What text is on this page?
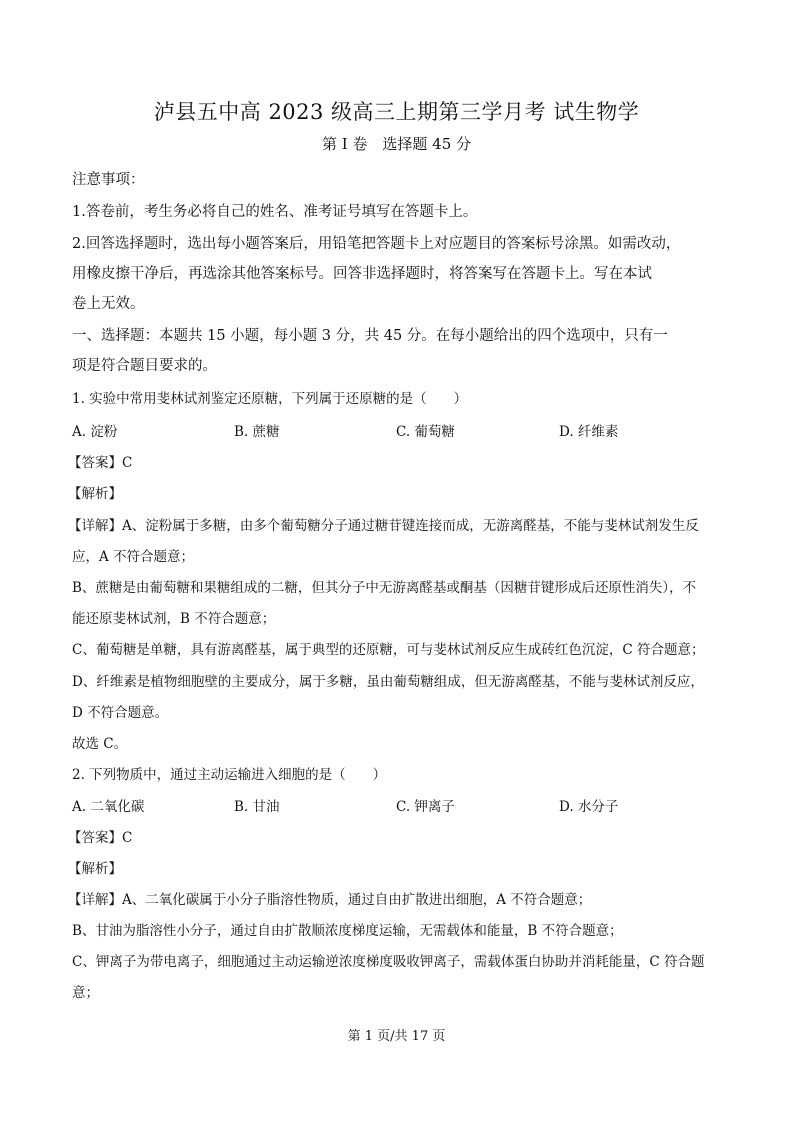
泸县五中高 2023 级高三上期第三学月考 试生物学
第 I 卷　选择题 45 分
注意事项：
1.答卷前，考生务必将自己的姓名、准考证号填写在答题卡上。
2.回答选择题时，选出每小题答案后，用铅笔把答题卡上对应题目的答案标号涂黑。如需改动，
用橡皮擦干净后，再选涂其他答案标号。回答非选择题时，将答案写在答题卡上。写在本试
卷上无效。
一、选择题：本题共 15 小题，每小题 3 分，共 45 分。在每小题给出的四个选项中，只有一
项是符合题目要求的。
1. 实验中常用斐林试剂鉴定还原糖，下列属于还原糖的是（　　）
A. 淀粉	B. 蔗糖	C. 葡萄糖	D. 纤维素
【答案】C
【解析】
【详解】A、淀粉属于多糖，由多个葡萄糖分子通过糖苷键连接而成，无游离醛基，不能与斐林试剂发生反
应，A 不符合题意；
B、蔗糖是由葡萄糖和果糖组成的二糖，但其分子中无游离醛基或酮基（因糖苷键形成后还原性消失），不
能还原斐林试剂，B 不符合题意；
C、葡萄糖是单糖，具有游离醛基，属于典型的还原糖，可与斐林试剂反应生成砖红色沉淀，C 符合题意；
D、纤维素是植物细胞壁的主要成分，属于多糖，虽由葡萄糖组成，但无游离醛基，不能与斐林试剂反应，
D 不符合题意。
故选 C。
2. 下列物质中，通过主动运输进入细胞的是（　　）
A. 二氧化碳	B. 甘油	C. 钾离子	D. 水分子
【答案】C
【解析】
【详解】A、二氧化碳属于小分子脂溶性物质，通过自由扩散进出细胞，A 不符合题意；
B、甘油为脂溶性小分子，通过自由扩散顺浓度梯度运输，无需载体和能量，B 不符合题意；
C、钾离子为带电离子，细胞通过主动运输逆浓度梯度吸收钾离子，需载体蛋白协助并消耗能量，C 符合题
意；
第 1 页/共 17 页
